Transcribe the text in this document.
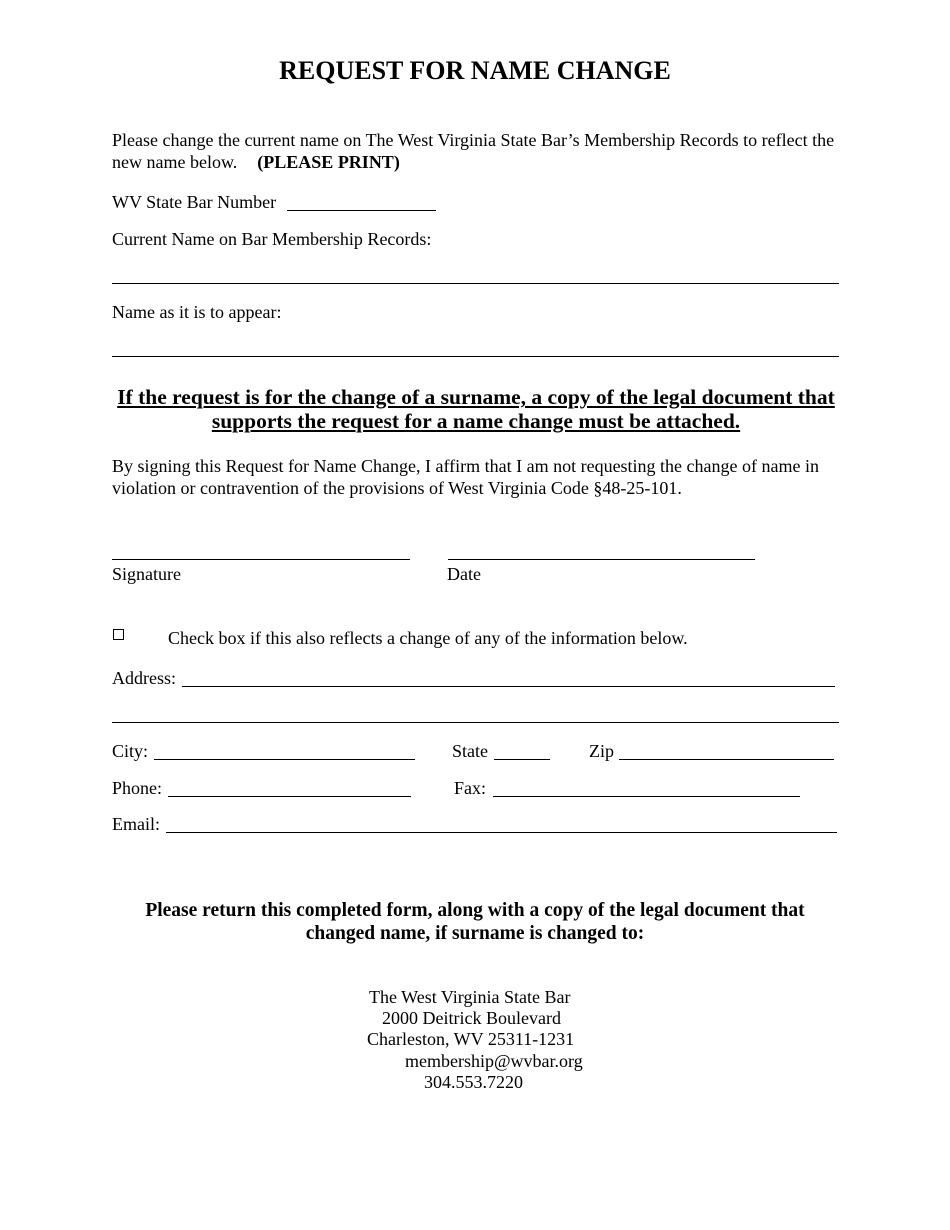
REQUEST FOR NAME CHANGE
Please change the current name on The West Virginia State Bar’s Membership Records to reflect the new name below. (PLEASE PRINT)
WV State Bar Number
Current Name on Bar Membership Records:
Name as it is to appear:
If the request is for the change of a surname, a copy of the legal document that supports the request for a name change must be attached.
By signing this Request for Name Change, I affirm that I am not requesting the change of name in violation or contravention of the provisions of West Virginia Code §48-25-101.
Signature	Date
Check box if this also reflects a change of any of the information below.
Address:
City:	State	Zip
Phone:	Fax:
Email:
Please return this completed form, along with a copy of the legal document that changed name, if surname is changed to:
The West Virginia State Bar
2000 Deitrick Boulevard
Charleston, WV 25311-1231
membership@wvbar.org
304.553.7220
